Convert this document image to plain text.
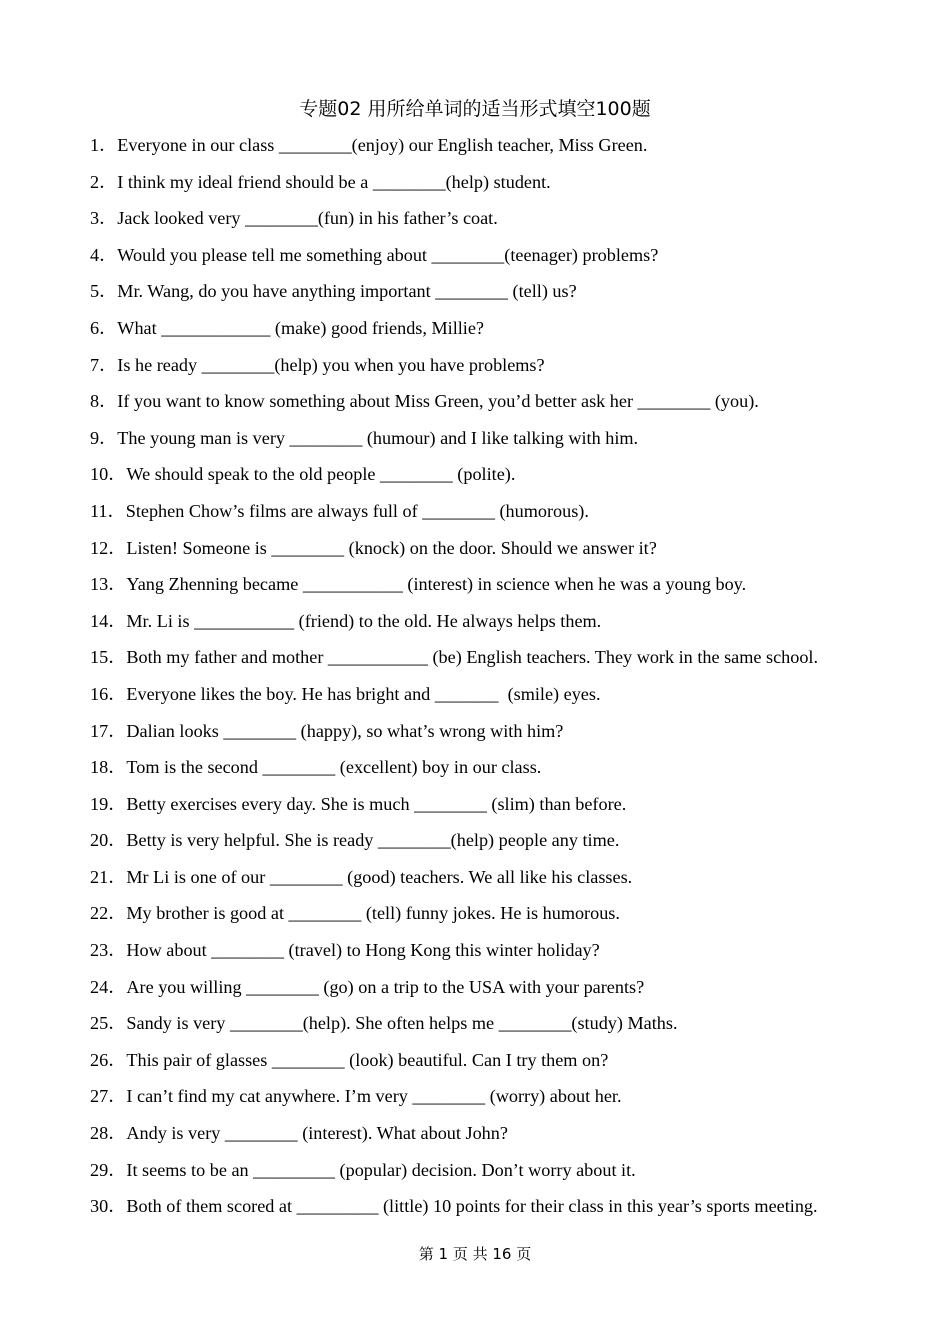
专题02 用所给单词的适当形式填空100题
1． Everyone in our class ________(enjoy) our English teacher, Miss Green.
2． I think my ideal friend should be a ________(help) student.
3． Jack looked very ________(fun) in his father’s coat.
4． Would you please tell me something about ________(teenager) problems?
5． Mr. Wang, do you have anything important ________ (tell) us?
6． What ____________ (make) good friends, Millie?
7． Is he ready ________(help) you when you have problems?
8． If you want to know something about Miss Green, you’d better ask her ________ (you).
9． The young man is very ________ (humour) and I like talking with him.
10． We should speak to the old people ________ (polite).
11． Stephen Chow’s films are always full of ________ (humorous).
12． Listen! Someone is ________ (knock) on the door. Should we answer it?
13． Yang Zhenning became ___________ (interest) in science when he was a young boy.
14． Mr. Li is ___________ (friend) to the old. He always helps them.
15． Both my father and mother ___________ (be) English teachers. They work in the same school.
16． Everyone likes the boy. He has bright and _______  (smile) eyes.
17． Dalian looks ________ (happy), so what’s wrong with him?
18． Tom is the second ________ (excellent) boy in our class.
19． Betty exercises every day. She is much ________ (slim) than before.
20． Betty is very helpful. She is ready ________(help) people any time.
21． Mr Li is one of our ________ (good) teachers. We all like his classes.
22． My brother is good at ________ (tell) funny jokes. He is humorous.
23． How about ________ (travel) to Hong Kong this winter holiday?
24． Are you willing ________ (go) on a trip to the USA with your parents?
25． Sandy is very ________(help). She often helps me ________(study) Maths.
26． This pair of glasses ________ (look) beautiful. Can I try them on?
27． I can’t find my cat anywhere. I’m very ________ (worry) about her.
28． Andy is very ________ (interest). What about John?
29． It seems to be an _________ (popular) decision. Don’t worry about it.
30． Both of them scored at _________ (little) 10 points for their class in this year’s sports meeting.
第 1 页 共 16 页
